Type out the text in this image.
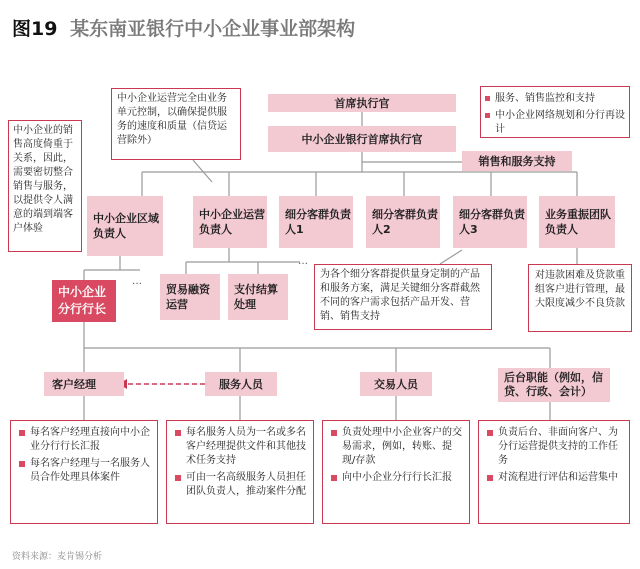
图19 某东南亚银行中小企业事业部架构
首席执行官
中小企业银行首席执行官
销售和服务支持
服务、销售监控和支持
中小企业网络规划和分行再设计
中小企业运营完全由业务单元控制，以确保提供服务的速度和质量（信贷运营除外）
中小企业的销售高度倚重于关系，因此，需要密切整合销售与服务，以提供令人满意的端到端客户体验
中小企业区域负责人
中小企业运营负责人
细分客群负责人1
细分客群负责人2
细分客群负责人3
业务重振团队负责人
中小企业分行行长
…
贸易融资运营
支付结算处理
…
为各个细分客群提供量身定制的产品和服务方案，满足关键细分客群截然不同的客户需求包括产品开发、营销、销售支持
对违款困难及贷款重组客户进行管理，最大限度减少不良贷款
客户经理	服务人员	交易人员	后台职能（例如，信贷、行政、会计）
每名客户经理直接向中小企业分行行长汇报
每名客户经理与一名服务人员合作处理具体案件
每名服务人员为一名或多名客户经理提供文件和其他技术任务支持
可由一名高级服务人员担任团队负责人，推动案件分配
负责处理中小企业客户的交易需求，例如，转账、提现/存款
向中小企业分行行长汇报
负责后台、非面向客户、为分行运营提供支持的工作任务
对流程进行评估和运营集中
资料来源：麦肯锡分析
